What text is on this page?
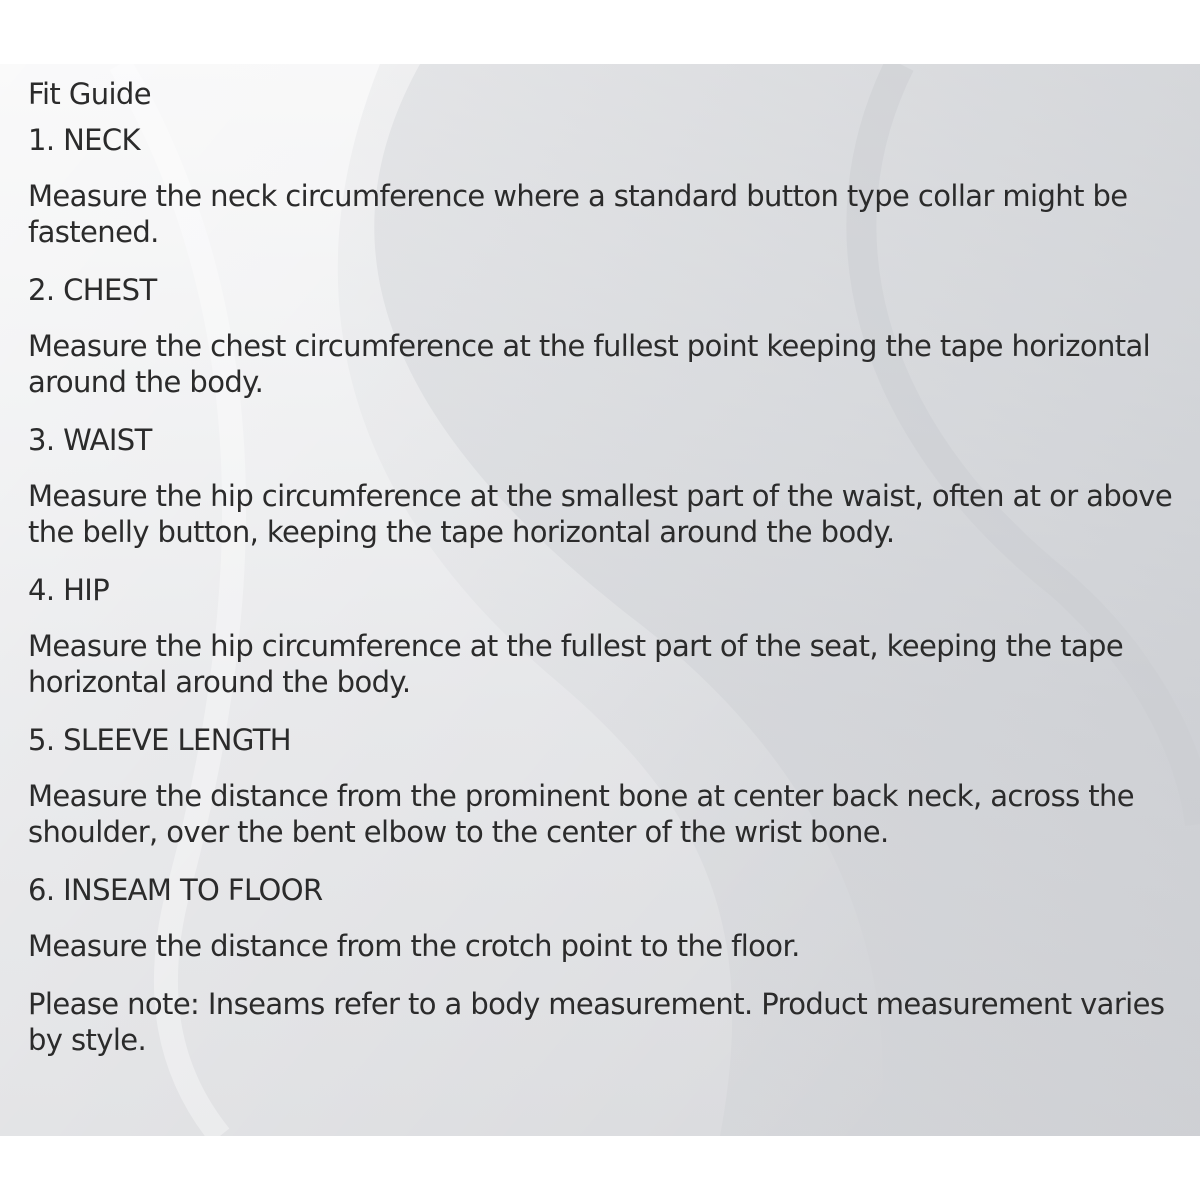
Fit Guide

1. NECK

Measure the neck circumference where a standard button type collar might be fastened.

2. CHEST

Measure the chest circumference at the fullest point keeping the tape horizontal around the body.

3. WAIST

Measure the hip circumference at the smallest part of the waist, often at or above the belly button, keeping the tape horizontal around the body.

4. HIP

Measure the hip circumference at the fullest part of the seat, keeping the tape horizontal around the body.

5. SLEEVE LENGTH

Measure the distance from the prominent bone at center back neck, across the shoulder, over the bent elbow to the center of the wrist bone.

6. INSEAM TO FLOOR

Measure the distance from the crotch point to the floor.

Please note: Inseams refer to a body measurement. Product measurement varies by style.
